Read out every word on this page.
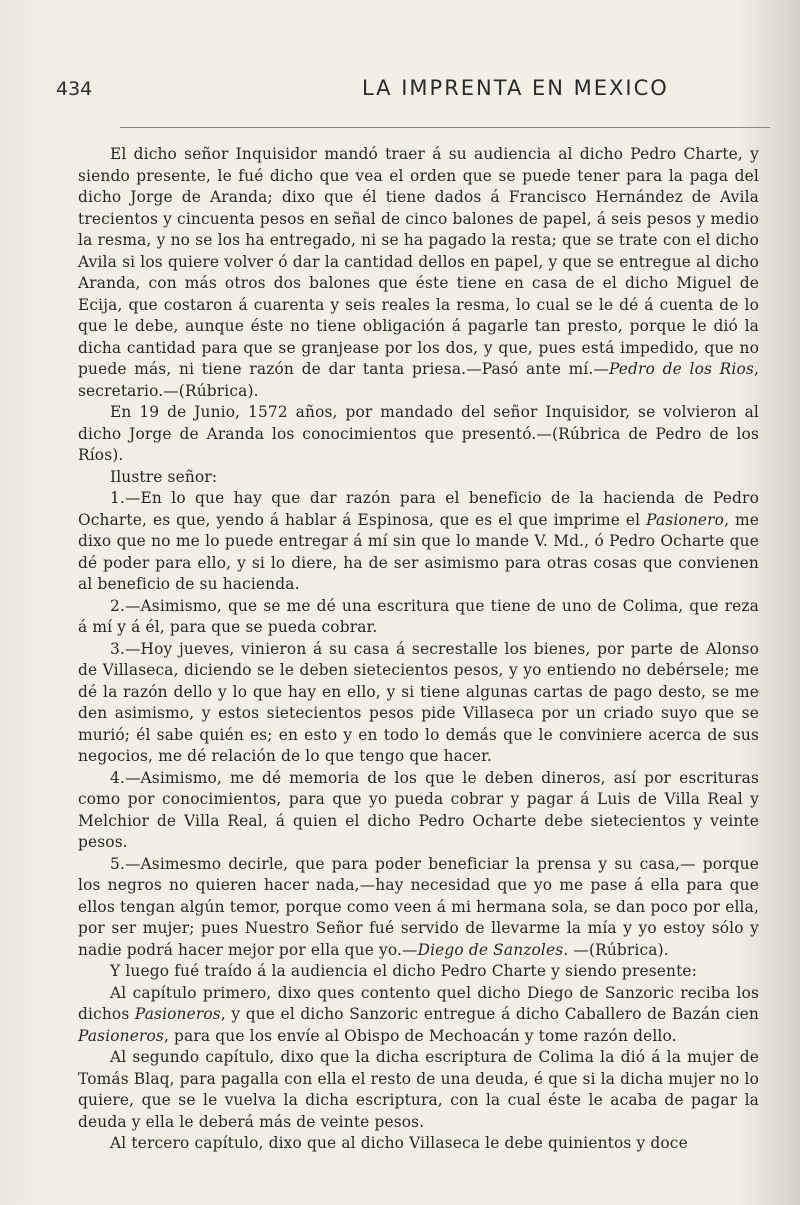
434	LA IMPRENTA EN MEXICO

El dicho señor Inquisidor mandó traer á su audiencia al dicho Pedro Charte, y siendo presente, le fué dicho que vea el orden que se puede tener para la paga del dicho Jorge de Aranda; dixo que él tiene dados á Francisco Hernández de Avila trecientos y cincuenta pesos en señal de cinco balones de papel, á seis pesos y medio la resma, y no se los ha entregado, ni se ha pagado la resta; que se trate con el dicho Avila si los quiere volver ó dar la cantidad dellos en papel, y que se entregue al dicho Aranda, con más otros dos balones que éste tiene en casa de el dicho Miguel de Ecija, que costaron á cuarenta y seis reales la resma, lo cual se le dé á cuenta de lo que le debe, aunque éste no tiene obligación á pagarle tan presto, porque le dió la dicha cantidad para que se granjease por los dos, y que, pues está impedido, que no puede más, ni tiene razón de dar tanta priesa.—Pasó ante mí.—Pedro de los Rios, secretario.—(Rúbrica).

En 19 de Junio, 1572 años, por mandado del señor Inquisidor, se volvieron al dicho Jorge de Aranda los conocimientos que presentó.—(Rúbrica de Pedro de los Ríos).

Ilustre señor:

1.—En lo que hay que dar razón para el beneficio de la hacienda de Pedro Ocharte, es que, yendo á hablar á Espinosa, que es el que imprime el Pasionero, me dixo que no me lo puede entregar á mí sin que lo mande V. Md., ó Pedro Ocharte que dé poder para ello, y si lo diere, ha de ser asimismo para otras cosas que convienen al beneficio de su hacienda.

2.—Asimismo, que se me dé una escritura que tiene de uno de Colima, que reza á mí y á él, para que se pueda cobrar.

3.—Hoy jueves, vinieron á su casa á secrestalle los bienes, por parte de Alonso de Villaseca, diciendo se le deben sietecientos pesos, y yo entiendo no debérsele; me dé la razón dello y lo que hay en ello, y si tiene algunas cartas de pago desto, se me den asimismo, y estos sietecientos pesos pide Villaseca por un criado suyo que se murió; él sabe quién es; en esto y en todo lo demás que le conviniere acerca de sus negocios, me dé relación de lo que tengo que hacer.

4.—Asimismo, me dé memoria de los que le deben dineros, así por escrituras como por conocimientos, para que yo pueda cobrar y pagar á Luis de Villa Real y Melchior de Villa Real, á quien el dicho Pedro Ocharte debe sietecientos y veinte pesos.

5.—Asimesmo decirle, que para poder beneficiar la prensa y su casa,— porque los negros no quieren hacer nada,—hay necesidad que yo me pase á ella para que ellos tengan algún temor, porque como veen á mi hermana sola, se dan poco por ella, por ser mujer; pues Nuestro Señor fué servido de llevarme la mía y yo estoy sólo y nadie podrá hacer mejor por ella que yo.—Diego de Sanzoles. —(Rúbrica).

Y luego fué traído á la audiencia el dicho Pedro Charte y siendo presente:

Al capítulo primero, dixo ques contento quel dicho Diego de Sanzoric reciba los dichos Pasioneros, y que el dicho Sanzoric entregue á dicho Caballero de Bazán cien Pasioneros, para que los envíe al Obispo de Mechoacán y tome razón dello.

Al segundo capítulo, dixo que la dicha escriptura de Colima la dió á la mujer de Tomás Blaq, para pagalla con ella el resto de una deuda, é que si la dicha mujer no lo quiere, que se le vuelva la dicha escriptura, con la cual éste le acaba de pagar la deuda y ella le deberá más de veinte pesos.

Al tercero capítulo, dixo que al dicho Villaseca le debe quinientos y doce
